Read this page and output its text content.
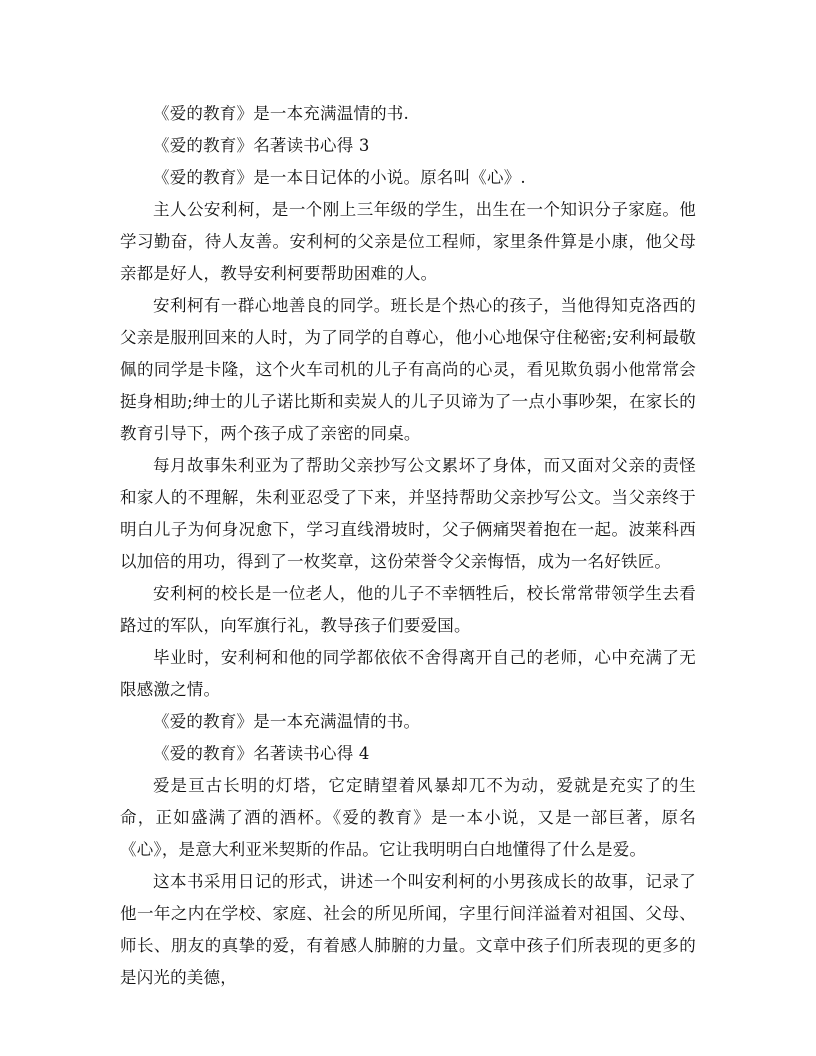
《爱的教育》是一本充满温情的书.

《爱的教育》名著读书心得 3

《爱的教育》是一本日记体的小说。原名叫《心》.

主人公安利柯，是一个刚上三年级的学生，出生在一个知识分子家庭。他学习勤奋，待人友善。安利柯的父亲是位工程师，家里条件算是小康，他父母亲都是好人，教导安利柯要帮助困难的人。

安利柯有一群心地善良的同学。班长是个热心的孩子，当他得知克洛西的父亲是服刑回来的人时，为了同学的自尊心，他小心地保守住秘密;安利柯最敬佩的同学是卡隆，这个火车司机的儿子有高尚的心灵，看见欺负弱小他常常会挺身相助;绅士的儿子诺比斯和卖炭人的儿子贝谛为了一点小事吵架，在家长的教育引导下，两个孩子成了亲密的同桌。

每月故事朱利亚为了帮助父亲抄写公文累坏了身体，而又面对父亲的责怪和家人的不理解，朱利亚忍受了下来，并坚持帮助父亲抄写公文。当父亲终于明白儿子为何身况愈下，学习直线滑坡时，父子俩痛哭着抱在一起。波莱科西以加倍的用功，得到了一枚奖章，这份荣誉令父亲悔悟，成为一名好铁匠。

安利柯的校长是一位老人，他的儿子不幸牺牲后，校长常常带领学生去看路过的军队，向军旗行礼，教导孩子们要爱国。

毕业时，安利柯和他的同学都依依不舍得离开自己的老师，心中充满了无限感激之情。

《爱的教育》是一本充满温情的书。

《爱的教育》名著读书心得 4

爱是亘古长明的灯塔，它定睛望着风暴却兀不为动，爱就是充实了的生命，正如盛满了酒的酒杯。《爱的教育》是一本小说，又是一部巨著，原名《心》，是意大利亚米契斯的作品。它让我明明白白地懂得了什么是爱。

这本书采用日记的形式，讲述一个叫安利柯的小男孩成长的故事，记录了他一年之内在学校、家庭、社会的所见所闻，字里行间洋溢着对祖国、父母、师长、朋友的真挚的爱，有着感人肺腑的力量。文章中孩子们所表现的更多的是闪光的美德，
